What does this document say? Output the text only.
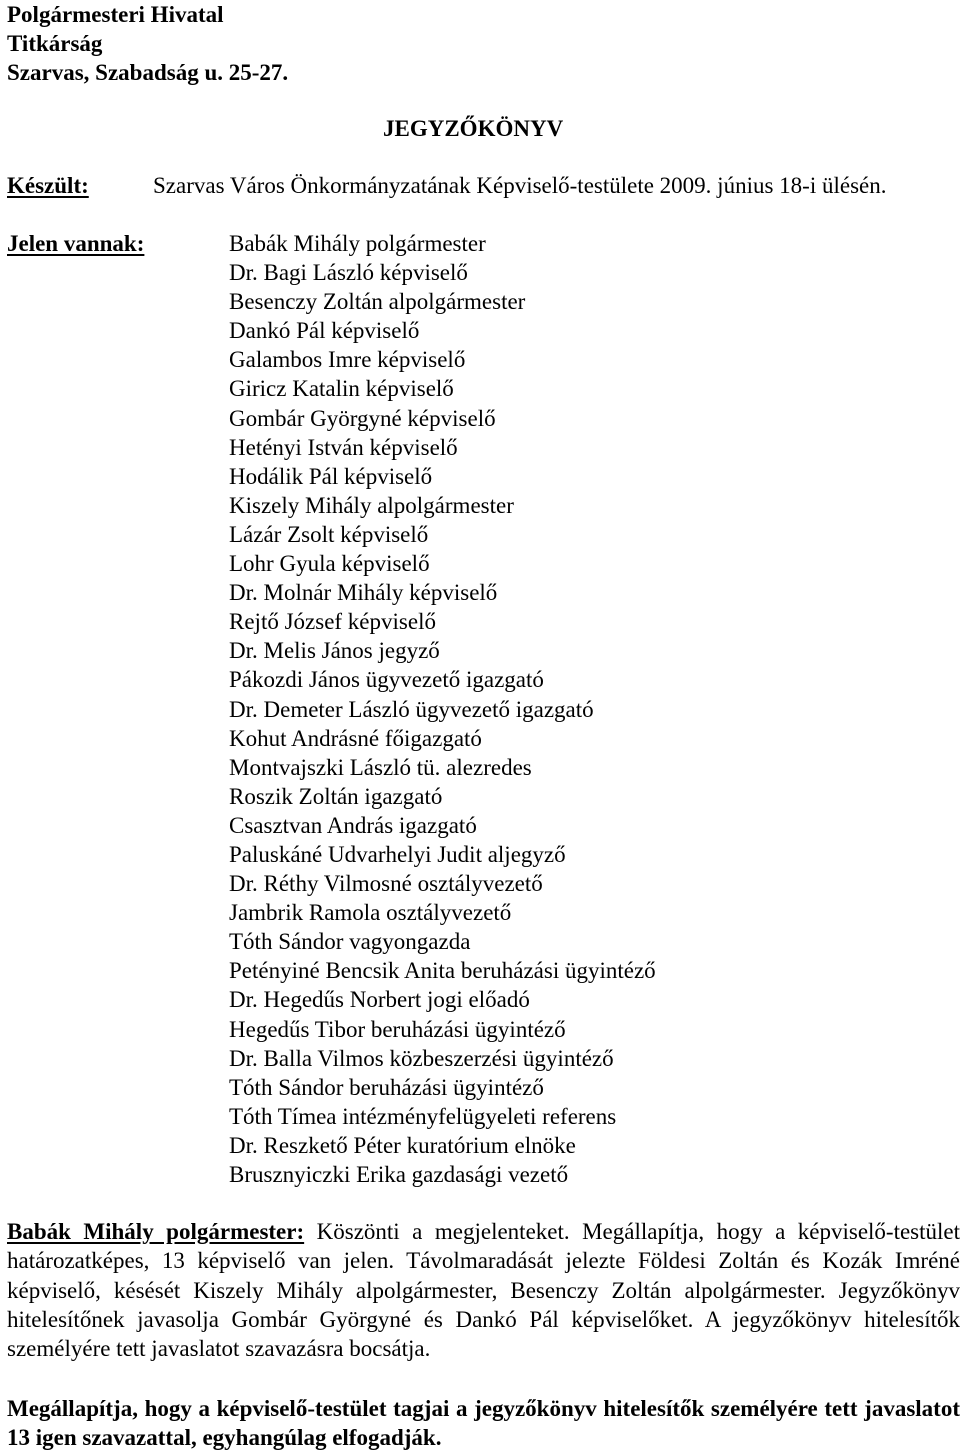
Polgármesteri Hivatal
Titkárság
Szarvas, Szabadság u. 25-27.
JEGYZŐKÖNYV
Készült:	Szarvas Város Önkormányzatának Képviselő-testülete 2009. június 18-i ülésén.
Jelen vannak:	Babák Mihály polgármester
Dr. Bagi László képviselő
Besenczy Zoltán alpolgármester
Dankó Pál képviselő
Galambos Imre képviselő
Giricz Katalin képviselő
Gombár Györgyné képviselő
Hetényi István képviselő
Hodálik Pál képviselő
Kiszely Mihály alpolgármester
Lázár Zsolt képviselő
Lohr Gyula képviselő
Dr. Molnár Mihály képviselő
Rejtő József képviselő
Dr. Melis János jegyző
Pákozdi János ügyvezető igazgató
Dr. Demeter László ügyvezető igazgató
Kohut Andrásné főigazgató
Montvajszki László tü. alezredes
Roszik Zoltán igazgató
Csasztvan András igazgató
Paluskáné Udvarhelyi Judit aljegyző
Dr. Réthy Vilmosné osztályvezető
Jambrik Ramola osztályvezető
Tóth Sándor vagyongazda
Petényiné Bencsik Anita beruházási ügyintéző
Dr. Hegedűs Norbert jogi előadó
Hegedűs Tibor beruházási ügyintéző
Dr. Balla Vilmos közbeszerzési ügyintéző
Tóth Sándor beruházási ügyintéző
Tóth Tímea intézményfelügyeleti referens
Dr. Reszkető Péter kuratórium elnöke
Brusznyiczki Erika gazdasági vezető

Babák Mihály polgármester: Köszönti a megjelenteket. Megállapítja, hogy a képviselő-testület határozatképes, 13 képviselő van jelen. Távolmaradását jelezte Földesi Zoltán és Kozák Imréné képviselő, késését Kiszely Mihály alpolgármester, Besenczy Zoltán alpolgármester. Jegyzőkönyv hitelesítőnek javasolja Gombár Györgyné és Dankó Pál képviselőket. A jegyzőkönyv hitelesítők személyére tett javaslatot szavazásra bocsátja.

Megállapítja, hogy a képviselő-testület tagjai a jegyzőkönyv hitelesítők személyére tett javaslatot 13 igen szavazattal, egyhangúlag elfogadják.
